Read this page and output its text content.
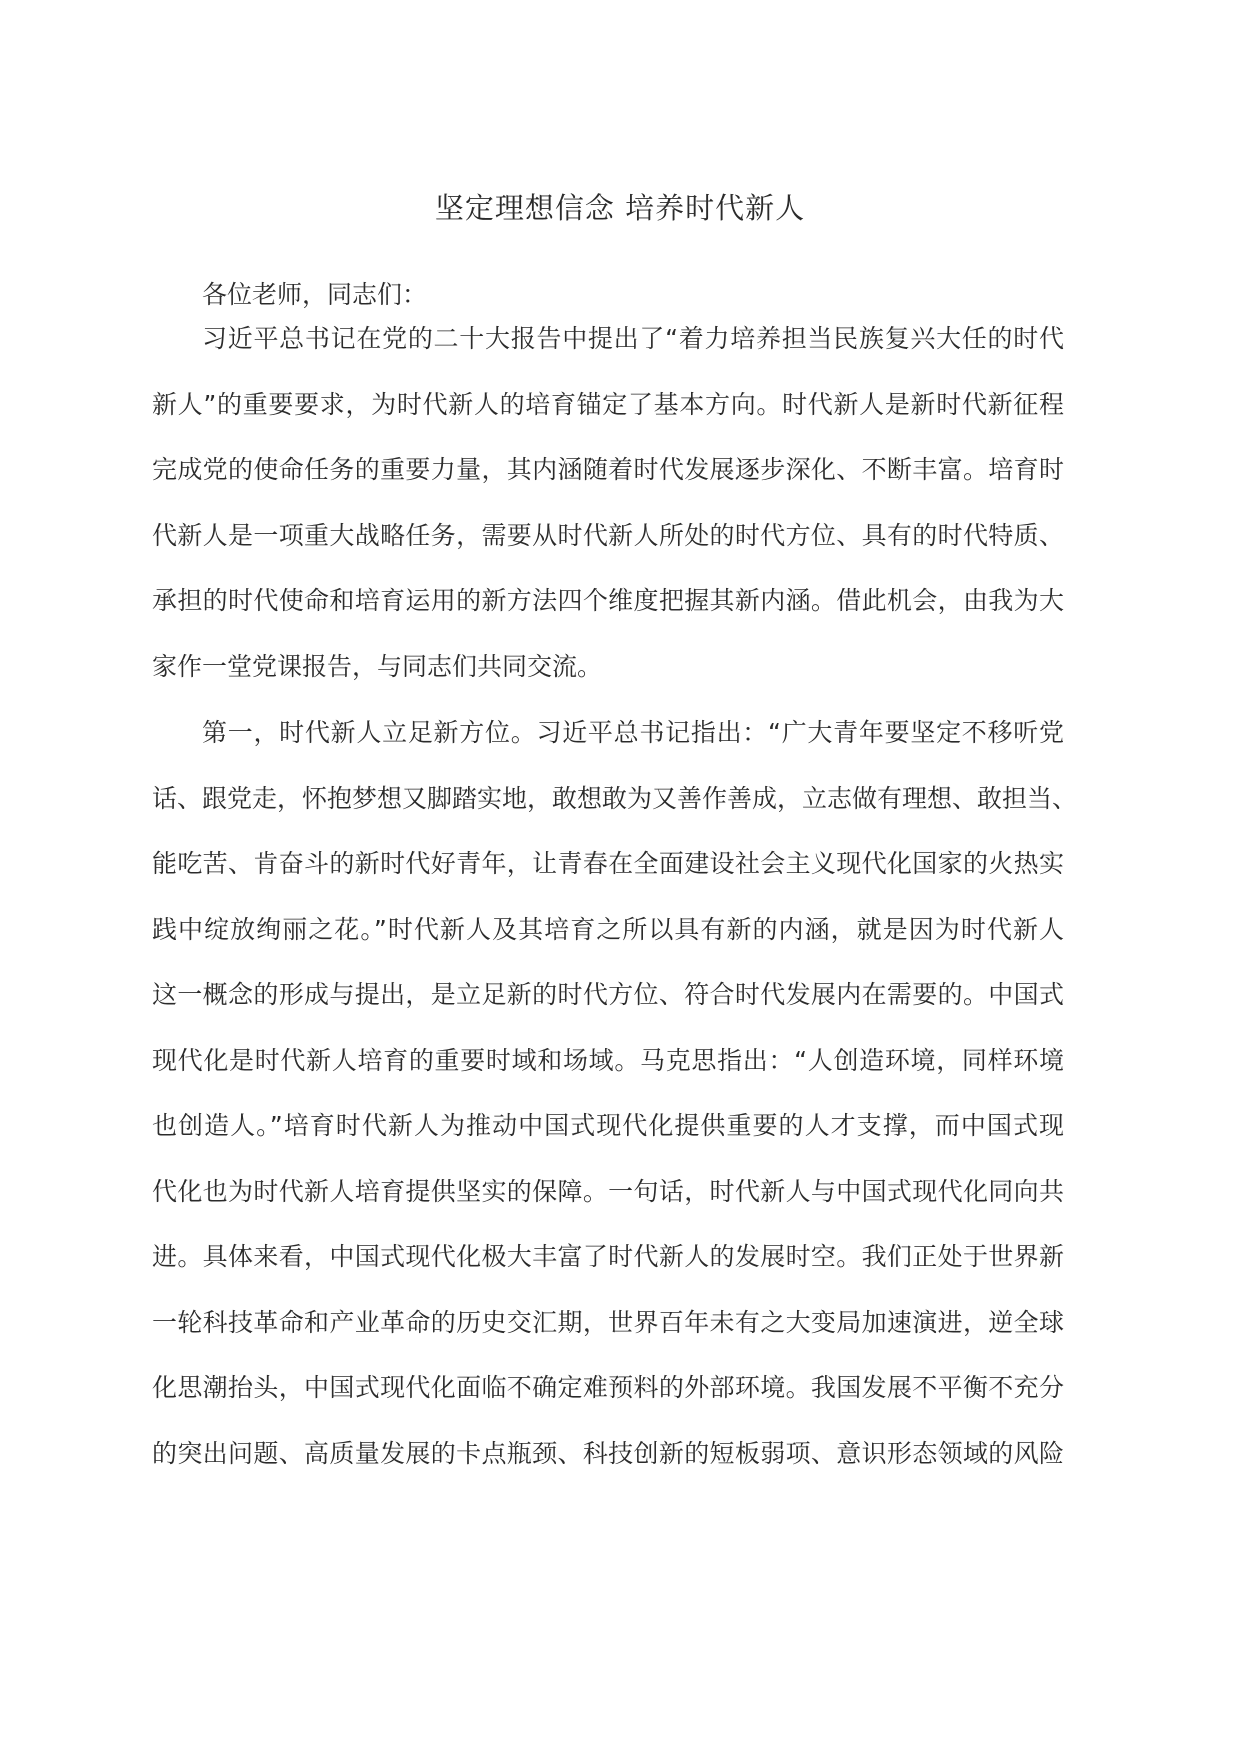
坚定理想信念 培养时代新人
各位老师，同志们：
习近平总书记在党的二十大报告中提出了“着力培养担当民族复兴大任的时代
新人”的重要要求，为时代新人的培育锚定了基本方向。时代新人是新时代新征程
完成党的使命任务的重要力量，其内涵随着时代发展逐步深化、不断丰富。培育时
代新人是一项重大战略任务，需要从时代新人所处的时代方位、具有的时代特质、
承担的时代使命和培育运用的新方法四个维度把握其新内涵。借此机会，由我为大
家作一堂党课报告，与同志们共同交流。
第一，时代新人立足新方位。习近平总书记指出：“广大青年要坚定不移听党
话、跟党走，怀抱梦想又脚踏实地，敢想敢为又善作善成，立志做有理想、敢担当、
能吃苦、肯奋斗的新时代好青年，让青春在全面建设社会主义现代化国家的火热实
践中绽放绚丽之花。”时代新人及其培育之所以具有新的内涵，就是因为时代新人
这一概念的形成与提出，是立足新的时代方位、符合时代发展内在需要的。中国式
现代化是时代新人培育的重要时域和场域。马克思指出：“人创造环境，同样环境
也创造人。”培育时代新人为推动中国式现代化提供重要的人才支撑，而中国式现
代化也为时代新人培育提供坚实的保障。一句话，时代新人与中国式现代化同向共
进。具体来看，中国式现代化极大丰富了时代新人的发展时空。我们正处于世界新
一轮科技革命和产业革命的历史交汇期，世界百年未有之大变局加速演进，逆全球
化思潮抬头，中国式现代化面临不确定难预料的外部环境。我国发展不平衡不充分
的突出问题、高质量发展的卡点瓶颈、科技创新的短板弱项、意识形态领域的风险
